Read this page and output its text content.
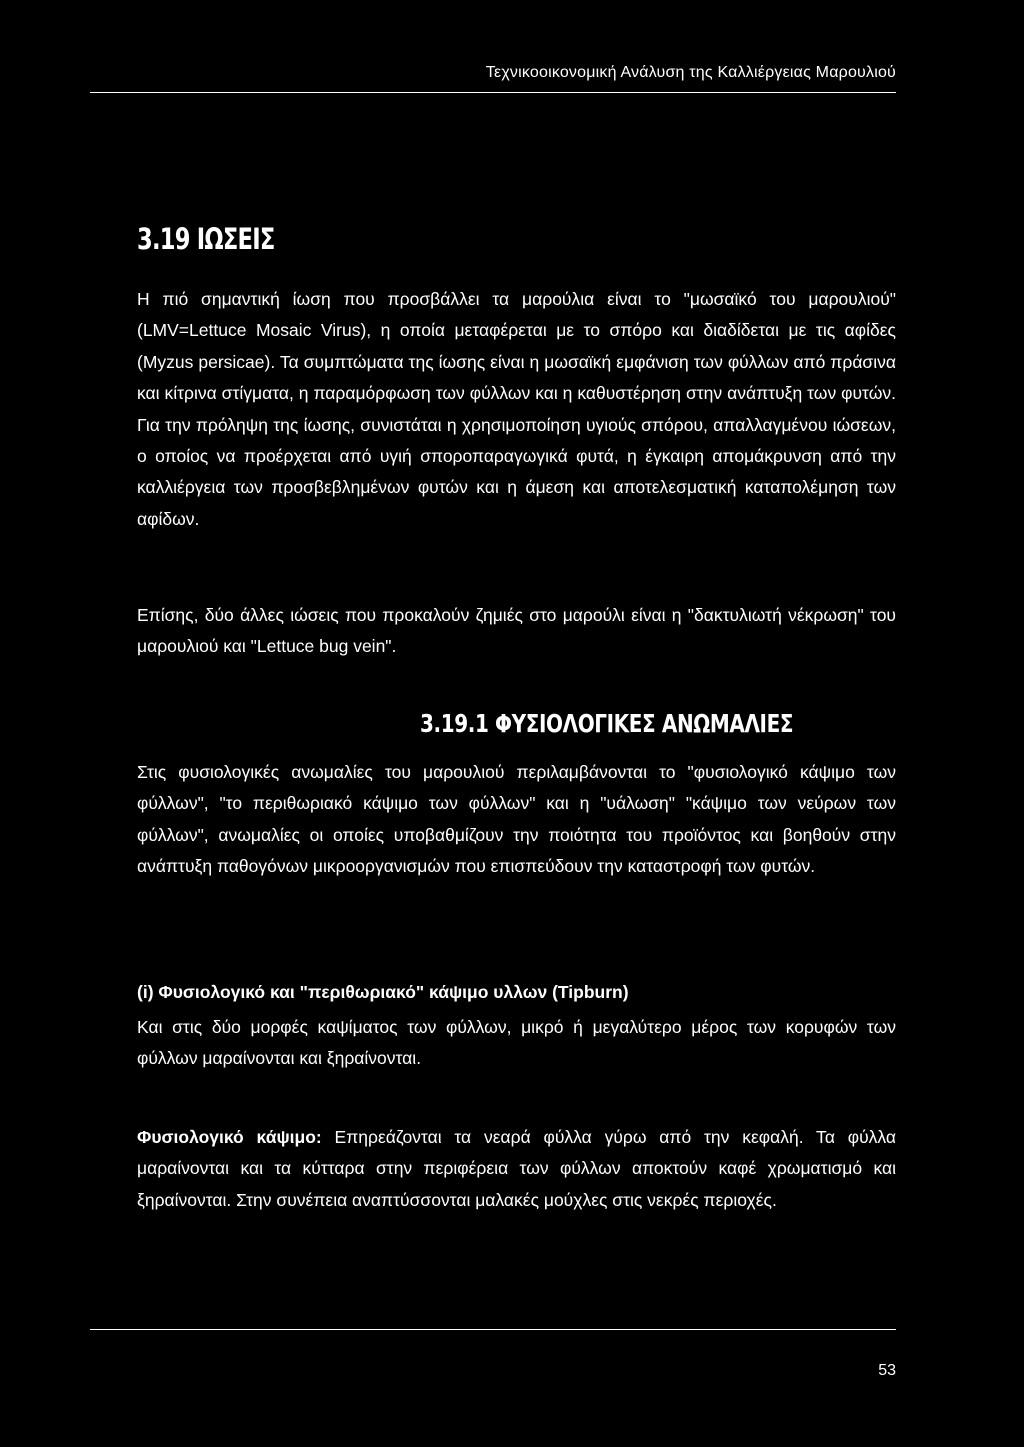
Τεχνικοοικονομική Ανάλυση της Καλλιέργειας Μαρουλιού
3.19 ΙΩΣΕΙΣ
Η πιό σημαντική ίωση που προσβάλλει τα μαρούλια είναι το "μωσαϊκό του μαρουλιού" (LMV=Lettuce Mosaic Virus), η οποία μεταφέρεται με το σπόρο και διαδίδεται με τις αφίδες (Myzus persicae). Τα συμπτώματα της ίωσης είναι η μωσαϊκή εμφάνιση των φύλλων από πράσινα και κίτρινα στίγματα, η παραμόρφωση των φύλλων και η καθυστέρηση στην ανάπτυξη των φυτών. Για την πρόληψη της ίωσης, συνιστάται η χρησιμοποίηση υγιούς σπόρου, απαλλαγμένου ιώσεων, ο οποίος να προέρχεται από υγιή σποροπαραγωγικά φυτά, η έγκαιρη απομάκρυνση από την καλλιέργεια των προσβεβλημένων φυτών και η άμεση και αποτελεσματική καταπολέμηση των αφίδων.
Επίσης, δύο άλλες ιώσεις που προκαλούν ζημιές στο μαρούλι είναι η "δακτυλιωτή νέκρωση" του μαρουλιού και "Lettuce bug vein".
3.19.1 ΦΥΣΙΟΛΟΓΙΚΕΣ ΑΝΩΜΑΛΙΕΣ
Στις φυσιολογικές ανωμαλίες του μαρουλιού περιλαμβάνονται το "φυσιολογικό κάψιμο των φύλλων", "το περιθωριακό κάψιμο των φύλλων" και η "υάλωση" "κάψιμο των νεύρων των φύλλων", ανωμαλίες οι οποίες υποβαθμίζουν την ποιότητα του προϊόντος και βοηθούν στην ανάπτυξη παθογόνων μικροοργανισμών που επισπεύδουν την καταστροφή των φυτών.
(i) Φυσιολογικό και "περιθωριακό" κάψιμο υλλων (Tipburn)
Και στις δύο μορφές καψίματος των φύλλων, μικρό ή μεγαλύτερο μέρος των κορυφών των φύλλων μαραίνονται και ξηραίνονται.
Φυσιολογικό κάψιμο: Επηρεάζονται τα νεαρά φύλλα γύρω από την κεφαλή. Τα φύλλα μαραίνονται και τα κύτταρα στην περιφέρεια των φύλλων αποκτούν καφέ χρωματισμό και ξηραίνονται. Στην συνέπεια αναπτύσσονται μαλακές μούχλες στις νεκρές περιοχές.
53
